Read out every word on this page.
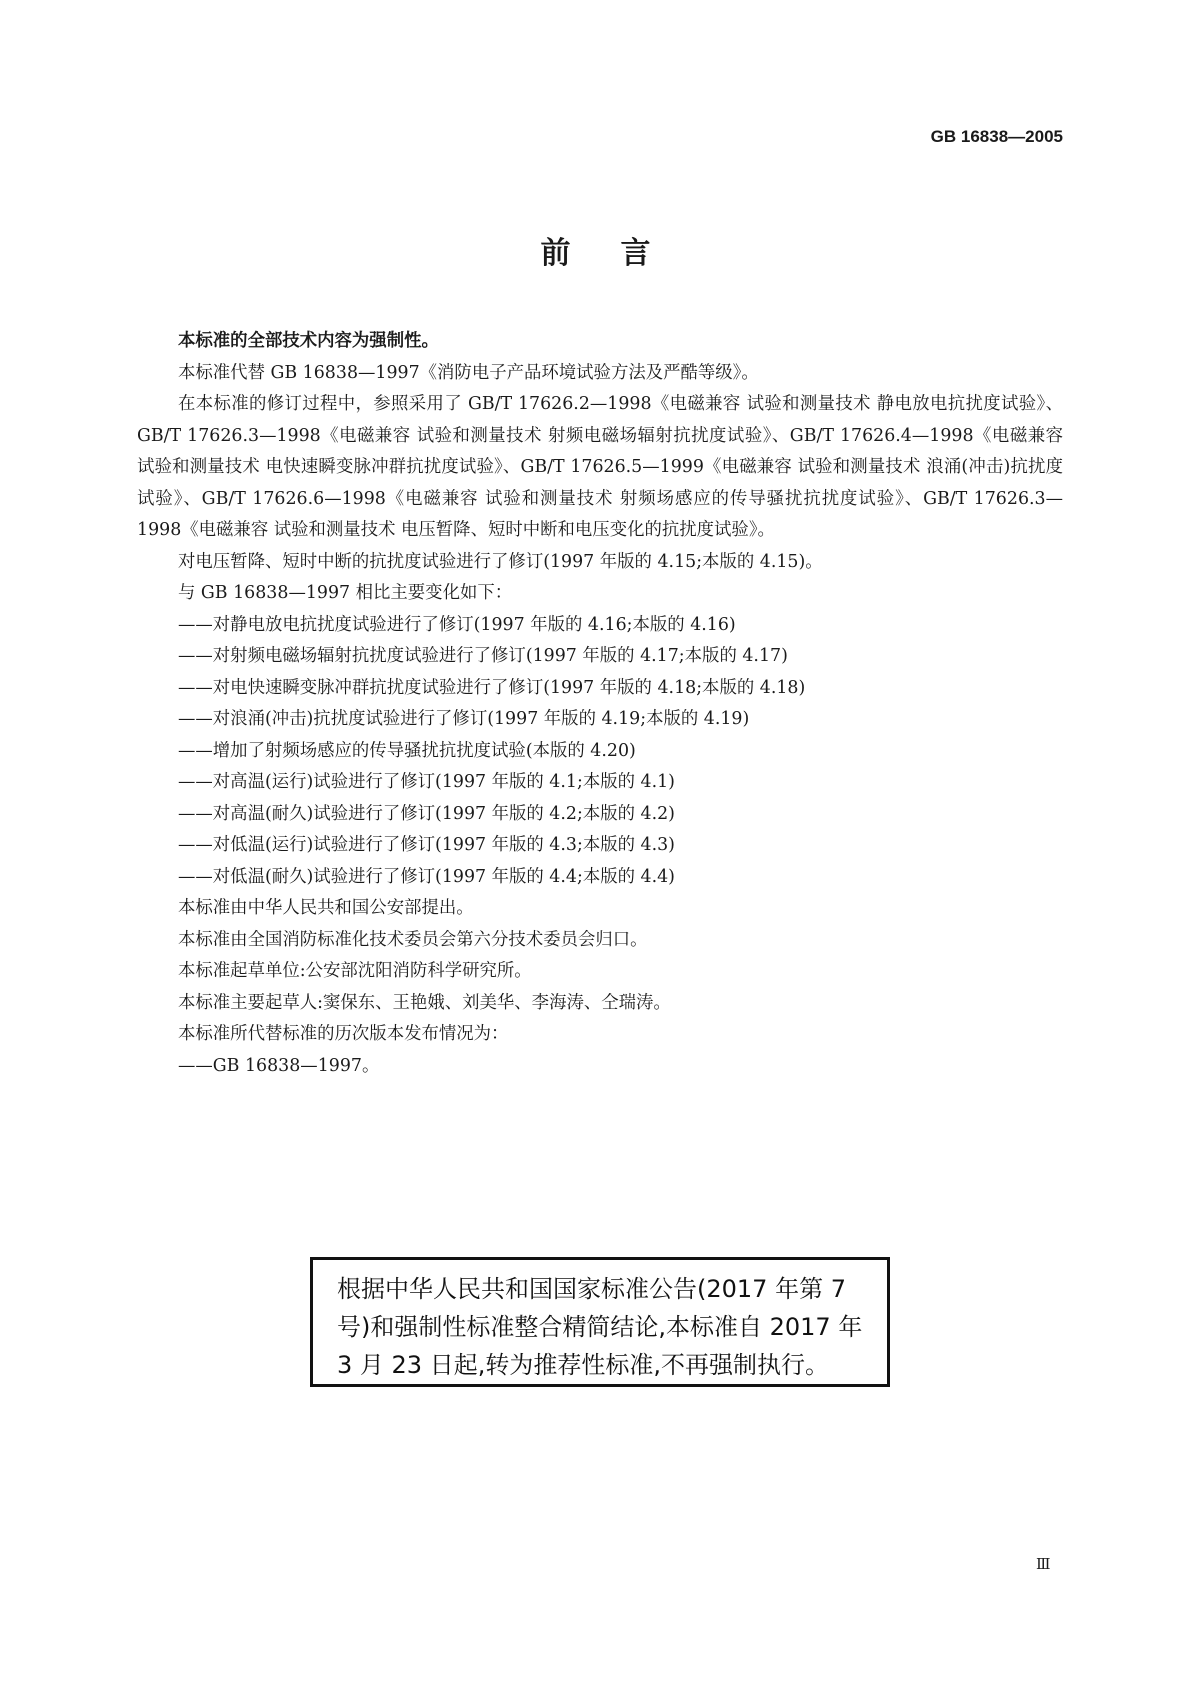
GB 16838—2005
前言

本标准的全部技术内容为强制性。

本标准代替 GB 16838—1997《消防电子产品环境试验方法及严酷等级》。

在本标准的修订过程中，参照采用了 GB/T 17626.2—1998《电磁兼容 试验和测量技术 静电放电抗扰度试验》、GB/T 17626.3—1998《电磁兼容 试验和测量技术 射频电磁场辐射抗扰度试验》、GB/T 17626.4—1998《电磁兼容 试验和测量技术 电快速瞬变脉冲群抗扰度试验》、GB/T 17626.5—1999《电磁兼容 试验和测量技术 浪涌(冲击)抗扰度试验》、GB/T 17626.6—1998《电磁兼容 试验和测量技术 射频场感应的传导骚扰抗扰度试验》、GB/T 17626.3—1998《电磁兼容 试验和测量技术 电压暂降、短时中断和电压变化的抗扰度试验》。

对电压暂降、短时中断的抗扰度试验进行了修订(1997 年版的 4.15;本版的 4.15)。

与 GB 16838—1997 相比主要变化如下：

——对静电放电抗扰度试验进行了修订(1997 年版的 4.16;本版的 4.16)

——对射频电磁场辐射抗扰度试验进行了修订(1997 年版的 4.17;本版的 4.17)

——对电快速瞬变脉冲群抗扰度试验进行了修订(1997 年版的 4.18;本版的 4.18)

——对浪涌(冲击)抗扰度试验进行了修订(1997 年版的 4.19;本版的 4.19)

——增加了射频场感应的传导骚扰抗扰度试验(本版的 4.20)

——对高温(运行)试验进行了修订(1997 年版的 4.1;本版的 4.1)

——对高温(耐久)试验进行了修订(1997 年版的 4.2;本版的 4.2)

——对低温(运行)试验进行了修订(1997 年版的 4.3;本版的 4.3)

——对低温(耐久)试验进行了修订(1997 年版的 4.4;本版的 4.4)

本标准由中华人民共和国公安部提出。

本标准由全国消防标准化技术委员会第六分技术委员会归口。

本标准起草单位:公安部沈阳消防科学研究所。

本标准主要起草人:窦保东、王艳娥、刘美华、李海涛、仝瑞涛。

本标准所代替标准的历次版本发布情况为：

——GB 16838—1997。

根据中华人民共和国国家标准公告(2017 年第 7 号)和强制性标准整合精简结论,本标准自 2017 年 3 月 23 日起,转为推荐性标准,不再强制执行。
Ⅲ
